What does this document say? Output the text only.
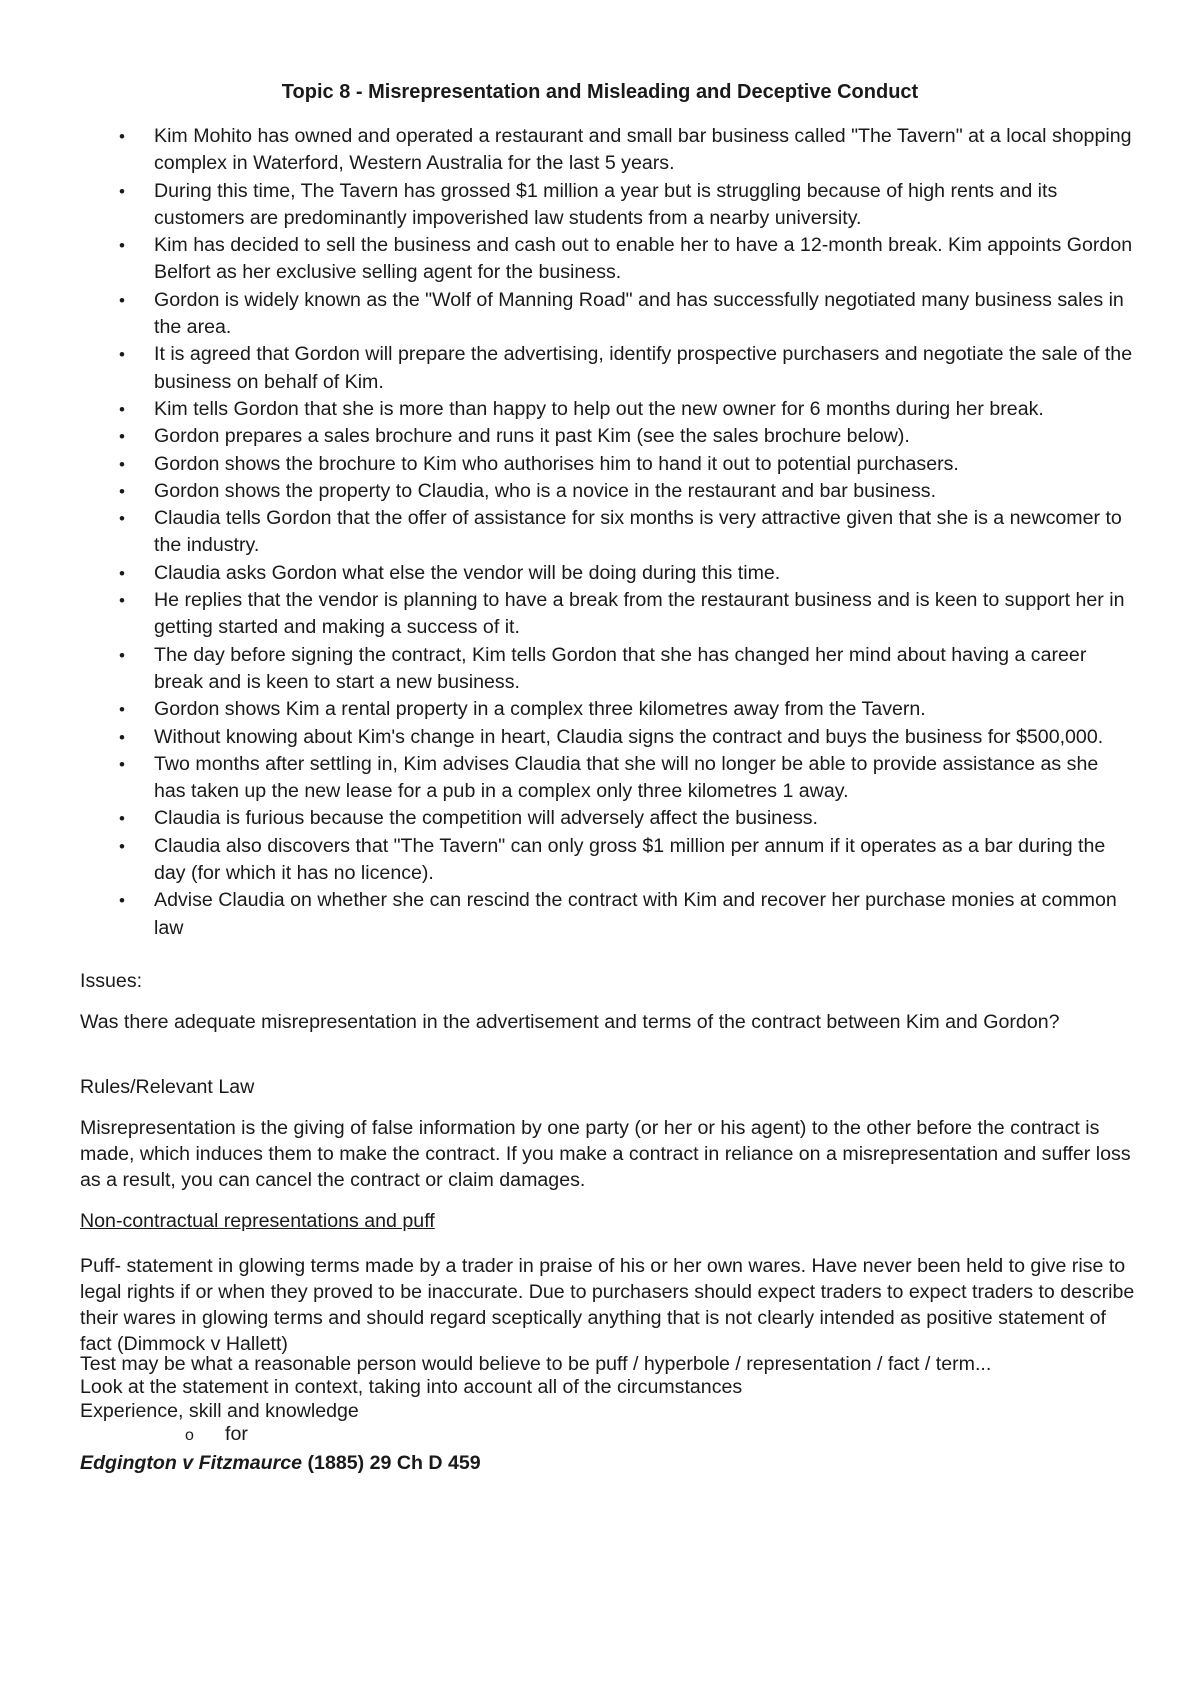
Topic 8 - Misrepresentation and Misleading and Deceptive Conduct
• Kim Mohito has owned and operated a restaurant and small bar business called "The Tavern" at a local shopping complex in Waterford, Western Australia for the last 5 years.
• During this time, The Tavern has grossed $1 million a year but is struggling because of high rents and its customers are predominantly impoverished law students from a nearby university.
• Kim has decided to sell the business and cash out to enable her to have a 12-month break. Kim appoints Gordon Belfort as her exclusive selling agent for the business.
• Gordon is widely known as the "Wolf of Manning Road" and has successfully negotiated many business sales in the area.
• It is agreed that Gordon will prepare the advertising, identify prospective purchasers and negotiate the sale of the business on behalf of Kim.
• Kim tells Gordon that she is more than happy to help out the new owner for 6 months during her break.
• Gordon prepares a sales brochure and runs it past Kim (see the sales brochure below).
• Gordon shows the brochure to Kim who authorises him to hand it out to potential purchasers.
• Gordon shows the property to Claudia, who is a novice in the restaurant and bar business.
• Claudia tells Gordon that the offer of assistance for six months is very attractive given that she is a newcomer to the industry.
• Claudia asks Gordon what else the vendor will be doing during this time.
• He replies that the vendor is planning to have a break from the restaurant business and is keen to support her in getting started and making a success of it.
• The day before signing the contract, Kim tells Gordon that she has changed her mind about having a career break and is keen to start a new business.
• Gordon shows Kim a rental property in a complex three kilometres away from the Tavern.
• Without knowing about Kim's change in heart, Claudia signs the contract and buys the business for $500,000.
• Two months after settling in, Kim advises Claudia that she will no longer be able to provide assistance as she has taken up the new lease for a pub in a complex only three kilometres 1 away.
• Claudia is furious because the competition will adversely affect the business.
• Claudia also discovers that "The Tavern" can only gross $1 million per annum if it operates as a bar during the day (for which it has no licence).
• Advise Claudia on whether she can rescind the contract with Kim and recover her purchase monies at common law
Issues:
Was there adequate misrepresentation in the advertisement and terms of the contract between Kim and Gordon?
Rules/Relevant Law
Misrepresentation is the giving of false information by one party (or her or his agent) to the other before the contract is made, which induces them to make the contract. If you make a contract in reliance on a misrepresentation and suffer loss as a result, you can cancel the contract or claim damages.
Non-contractual representations and puff
Puff- statement in glowing terms made by a trader in praise of his or her own wares. Have never been held to give rise to legal rights if or when they proved to be inaccurate. Due to purchasers should expect traders to expect traders to describe their wares in glowing terms and should regard sceptically anything that is not clearly intended as positive statement of fact (Dimmock v Hallett)
Test may be what a reasonable person would believe to be puff / hyperbole / representation / fact / term...
Look at the statement in context, taking into account all of the circumstances
Experience, skill and knowledge
o for
Edgington v Fitzmaurce (1885) 29 Ch D 459
